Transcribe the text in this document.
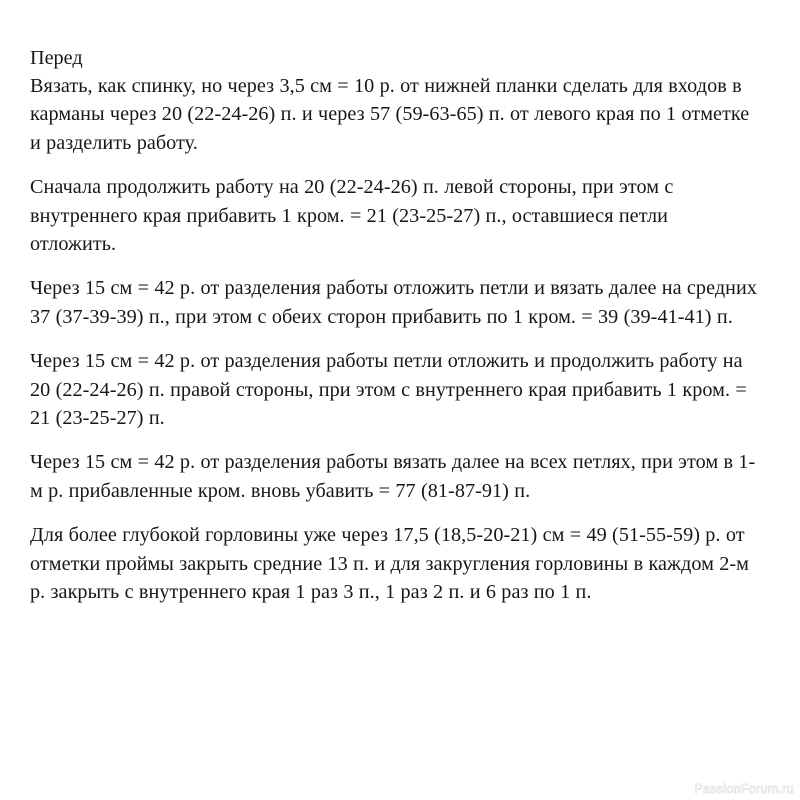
Перед

Вязать, как спинку, но через 3,5 см = 10 р. от нижней планки сделать для входов в карманы через 20 (22-24-26) п. и через 57 (59-63-65) п. от левого края по 1 отметке и разделить работу.

Сначала продолжить работу на 20 (22-24-26) п. левой стороны, при этом с внутреннего края прибавить 1 кром. = 21 (23-25-27) п., оставшиеся петли отложить.

Через 15 см = 42 р. от разделения работы отложить петли и вязать далее на средних 37 (37-39-39) п., при этом с обеих сторон прибавить по 1 кром. = 39 (39-41-41) п.

Через 15 см = 42 р. от разделения работы петли отложить и продолжить работу на 20 (22-24-26) п. правой стороны, при этом с внутреннего края прибавить 1 кром. = 21 (23-25-27) п.

Через 15 см = 42 р. от разделения работы вязать далее на всех петлях, при этом в 1-м р. прибавленные кром. вновь убавить = 77 (81-87-91) п.

Для более глубокой горловины уже через 17,5 (18,5-20-21) см = 49 (51-55-59) р. от отметки проймы закрыть средние 13 п. и для закругления горловины в каждом 2-м р. закрыть с внутреннего края 1 раз 3 п., 1 раз 2 п. и 6 раз по 1 п.

PassionForum.ru
